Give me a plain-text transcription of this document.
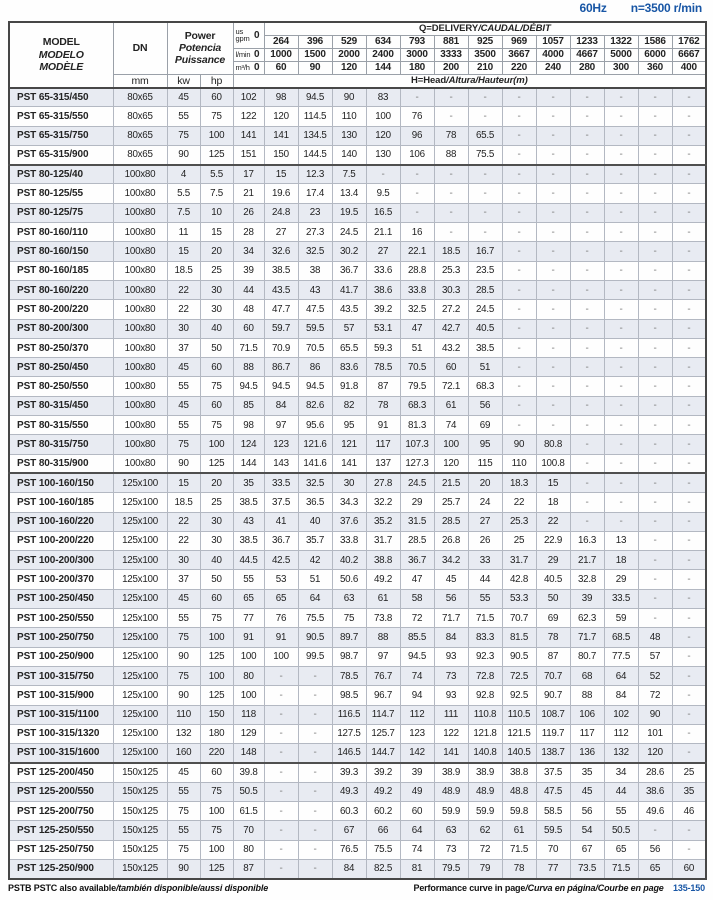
60Hz n=3500 r/min
MODEL
MODELO
MODÈLE
	DN	
Power
Potencia
Puissance

us
gpm 0
	Q=DELIVERY/CAUDAL/DÉBIT
					264	396	529	634	793	881	925	969	1057	1233	1322	1586	1762

				l/min 0	1000	1500	2000	2400	3000	3333	3500	3667	4000	4667	5000	6000	6667

				m³/h 0	60	90	120	144	180	200	210	220	240	280	300	360	400
	mm	kw	hp	H=Head/Altura/Hauteur(m)													
PST 65-315/450	80x65	45	60	102	98	94.5	90	83	-	-	-	-	-	-	-	-	-
PST 65-315/550	80x65	55	75	122	120	114.5	110	100	76	-	-	-	-	-	-	-	-
PST 65-315/750	80x65	75	100	141	141	134.5	130	120	96	78	65.5	-	-	-	-	-	-
PST 65-315/900	80x65	90	125	151	150	144.5	140	130	106	88	75.5	-	-	-	-	-	-
PST 80-125/40	100x80	4	5.5	17	15	12.3	7.5	-	-	-	-	-	-	-	-	-	-
PST 80-125/55	100x80	5.5	7.5	21	19.6	17.4	13.4	9.5	-	-	-	-	-	-	-	-	-
PST 80-125/75	100x80	7.5	10	26	24.8	23	19.5	16.5	-	-	-	-	-	-	-	-	-
PST 80-160/110	100x80	11	15	28	27	27.3	24.5	21.1	16	-	-	-	-	-	-	-	-
PST 80-160/150	100x80	15	20	34	32.6	32.5	30.2	27	22.1	18.5	16.7	-	-	-	-	-	-
PST 80-160/185	100x80	18.5	25	39	38.5	38	36.7	33.6	28.8	25.3	23.5	-	-	-	-	-	-
PST 80-160/220	100x80	22	30	44	43.5	43	41.7	38.6	33.8	30.3	28.5	-	-	-	-	-	-
PST 80-200/220	100x80	22	30	48	47.7	47.5	43.5	39.2	32.5	27.2	24.5	-	-	-	-	-	-
PST 80-200/300	100x80	30	40	60	59.7	59.5	57	53.1	47	42.7	40.5	-	-	-	-	-	-
PST 80-250/370	100x80	37	50	71.5	70.9	70.5	65.5	59.3	51	43.2	38.5	-	-	-	-	-	-
PST 80-250/450	100x80	45	60	88	86.7	86	83.6	78.5	70.5	60	51	-	-	-	-	-	-
PST 80-250/550	100x80	55	75	94.5	94.5	94.5	91.8	87	79.5	72.1	68.3	-	-	-	-	-	-
PST 80-315/450	100x80	45	60	85	84	82.6	82	78	68.3	61	56	-	-	-	-	-	-
PST 80-315/550	100x80	55	75	98	97	95.6	95	91	81.3	74	69	-	-	-	-	-	-
PST 80-315/750	100x80	75	100	124	123	121.6	121	117	107.3	100	95	90	80.8	-	-	-	-
PST 80-315/900	100x80	90	125	144	143	141.6	141	137	127.3	120	115	110	100.8	-	-	-	-
PST 100-160/150	125x100	15	20	35	33.5	32.5	30	27.8	24.5	21.5	20	18.3	15	-	-	-	-
PST 100-160/185	125x100	18.5	25	38.5	37.5	36.5	34.3	32.2	29	25.7	24	22	18	-	-	-	-
PST 100-160/220	125x100	22	30	43	41	40	37.6	35.2	31.5	28.5	27	25.3	22	-	-	-	-
PST 100-200/220	125x100	22	30	38.5	36.7	35.7	33.8	31.7	28.5	26.8	26	25	22.9	16.3	13	-	-
PST 100-200/300	125x100	30	40	44.5	42.5	42	40.2	38.8	36.7	34.2	33	31.7	29	21.7	18	-	-
PST 100-200/370	125x100	37	50	55	53	51	50.6	49.2	47	45	44	42.8	40.5	32.8	29	-	-
PST 100-250/450	125x100	45	60	65	65	64	63	61	58	56	55	53.3	50	39	33.5	-	-
PST 100-250/550	125x100	55	75	77	76	75.5	75	73.8	72	71.7	71.5	70.7	69	62.3	59	-	-
PST 100-250/750	125x100	75	100	91	91	90.5	89.7	88	85.5	84	83.3	81.5	78	71.7	68.5	48	-
PST 100-250/900	125x100	90	125	100	100	99.5	98.7	97	94.5	93	92.3	90.5	87	80.7	77.5	57	-
PST 100-315/750	125x100	75	100	80	-	-	78.5	76.7	74	73	72.8	72.5	70.7	68	64	52	-
PST 100-315/900	125x100	90	125	100	-	-	98.5	96.7	94	93	92.8	92.5	90.7	88	84	72	-
PST 100-315/1100	125x100	110	150	118	-	-	116.5	114.7	112	111	110.8	110.5	108.7	106	102	90	-
PST 100-315/1320	125x100	132	180	129	-	-	127.5	125.7	123	122	121.8	121.5	119.7	117	112	101	-
PST 100-315/1600	125x100	160	220	148	-	-	146.5	144.7	142	141	140.8	140.5	138.7	136	132	120	-
PST 125-200/450	150x125	45	60	39.8	-	-	39.3	39.2	39	38.9	38.9	38.8	37.5	35	34	28.6	25
PST 125-200/550	150x125	55	75	50.5	-	-	49.3	49.2	49	48.9	48.9	48.8	47.5	45	44	38.6	35
PST 125-200/750	150x125	75	100	61.5	-	-	60.3	60.2	60	59.9	59.9	59.8	58.5	56	55	49.6	46
PST 125-250/550	150x125	55	75	70	-	-	67	66	64	63	62	61	59.5	54	50.5	-	-
PST 125-250/750	150x125	75	100	80	-	-	76.5	75.5	74	73	72	71.5	70	67	65	56	-
PST 125-250/900	150x125	90	125	87	-	-	84	82.5	81	79.5	79	78	77	73.5	71.5	65	60
PSTB PSTC also available/también disponible/aussi disponible	Performance curve in page/Curva en página/Courbe en page 135-150
